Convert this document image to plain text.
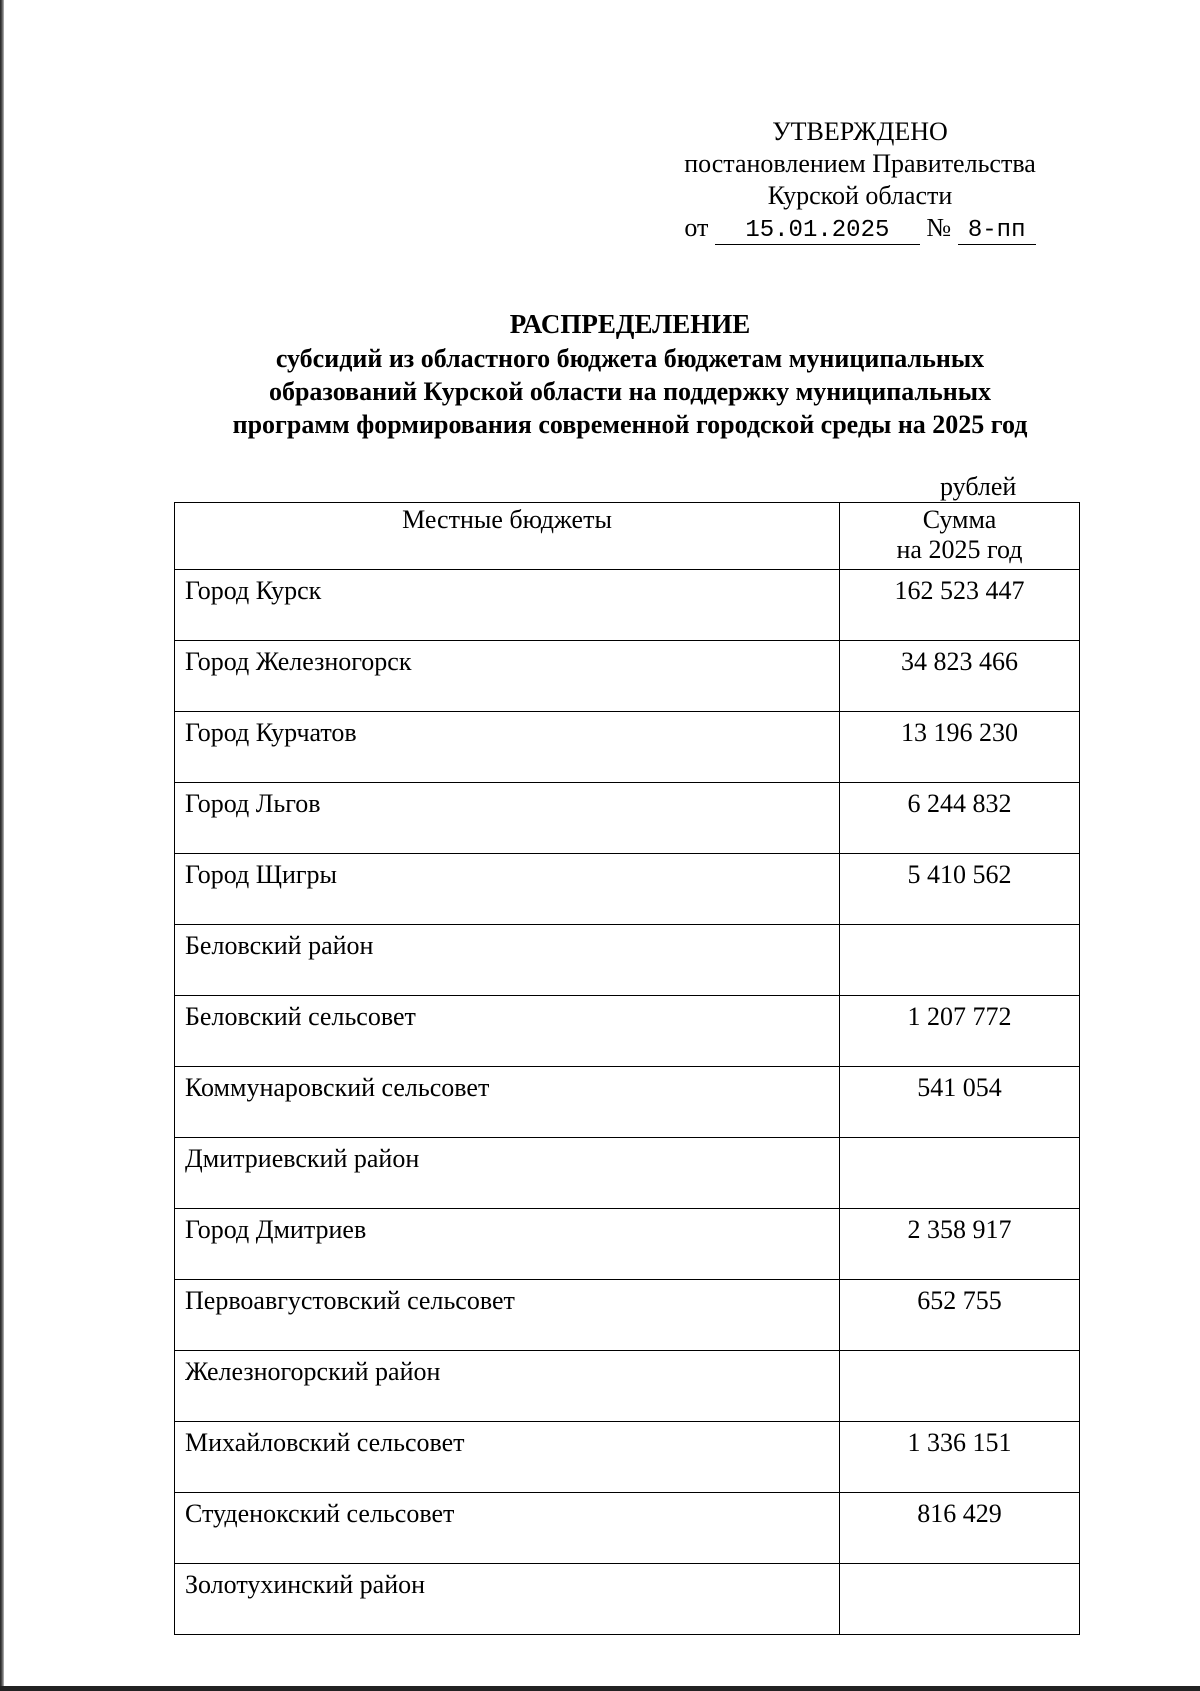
УТВЕРЖДЕНО
постановлением Правительства
Курской области
от 15.01.2025 № 8-пп
РАСПРЕДЕЛЕНИЕ
субсидий из областного бюджета бюджетам муниципальных
образований Курской области на поддержку муниципальных
программ формирования современной городской среды на 2025 год
рублей
Местные бюджеты	Сумма
на 2025 год
Город Курск	162 523 447
Город Железногорск	34 823 466
Город Курчатов	13 196 230
Город Льгов	6 244 832
Город Щигры	5 410 562
Беловский район	
Беловский сельсовет	1 207 772
Коммунаровский сельсовет	541 054
Дмитриевский район	
Город Дмитриев	2 358 917
Первоавгустовский сельсовет	652 755
Железногорский район	
Михайловский сельсовет	1 336 151
Студенокский сельсовет	816 429
Золотухинский район	
